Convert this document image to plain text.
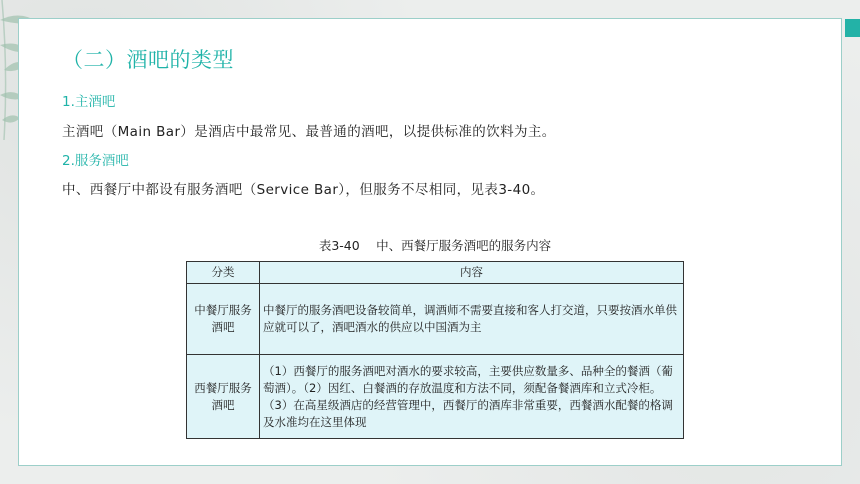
（二）酒吧的类型
1.主酒吧
主酒吧（Main Bar）是酒店中最常见、最普通的酒吧，以提供标准的饮料为主。
2.服务酒吧
中、西餐厅中都设有服务酒吧（Service Bar），但服务不尽相同，见表3-40。
表3-40　 中、西餐厅服务酒吧的服务内容
分类	内容
中餐厅服务酒吧	中餐厅的服务酒吧设备较简单，调酒师不需要直接和客人打交道，只要按酒水单供应就可以了，酒吧酒水的供应以中国酒为主
西餐厅服务酒吧	（1）西餐厅的服务酒吧对酒水的要求较高，主要供应数量多、品种全的餐酒（葡萄酒）。（2）因红、白餐酒的存放温度和方法不同，须配备餐酒库和立式冷柜。（3）在高星级酒店的经营管理中，西餐厅的酒库非常重要，西餐酒水配餐的格调及水准均在这里体现
